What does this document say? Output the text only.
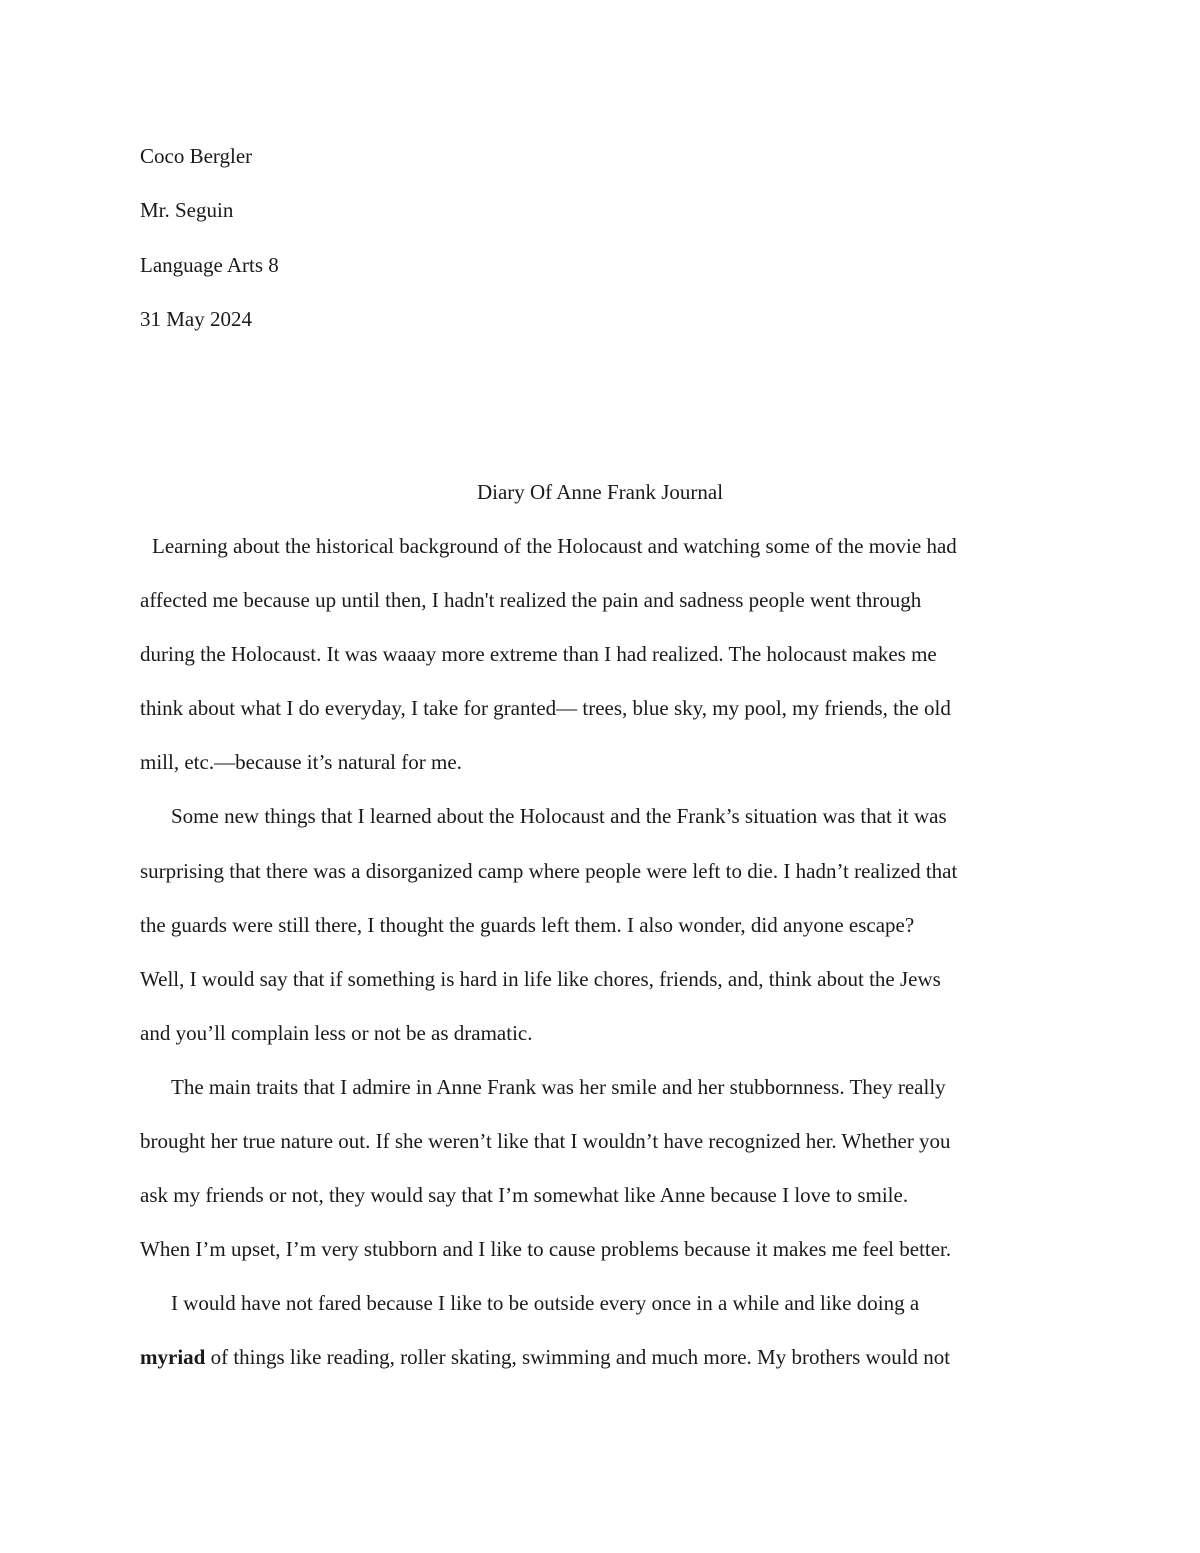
Coco Bergler
Mr. Seguin
Language Arts 8
31 May 2024
Diary Of Anne Frank Journal
Learning about the historical background of the Holocaust and watching some of the movie had
affected me because up until then, I hadn't realized the pain and sadness people went through
during the Holocaust. It was waaay more extreme than I had realized. The holocaust makes me
think about what I do everyday, I take for granted— trees, blue sky, my pool, my friends, the old
mill, etc.—because it’s natural for me.
Some new things that I learned about the Holocaust and the Frank’s situation was that it was
surprising that there was a disorganized camp where people were left to die. I hadn’t realized that
the guards were still there, I thought the guards left them. I also wonder, did anyone escape?
Well, I would say that if something is hard in life like chores, friends, and, think about the Jews
and you’ll complain less or not be as dramatic.
The main traits that I admire in Anne Frank was her smile and her stubbornness. They really
brought her true nature out. If she weren’t like that I wouldn’t have recognized her. Whether you
ask my friends or not, they would say that I’m somewhat like Anne because I love to smile.
When I’m upset, I’m very stubborn and I like to cause problems because it makes me feel better.
I would have not fared because I like to be outside every once in a while and like doing a
myriad of things like reading, roller skating, swimming and much more. My brothers would not
